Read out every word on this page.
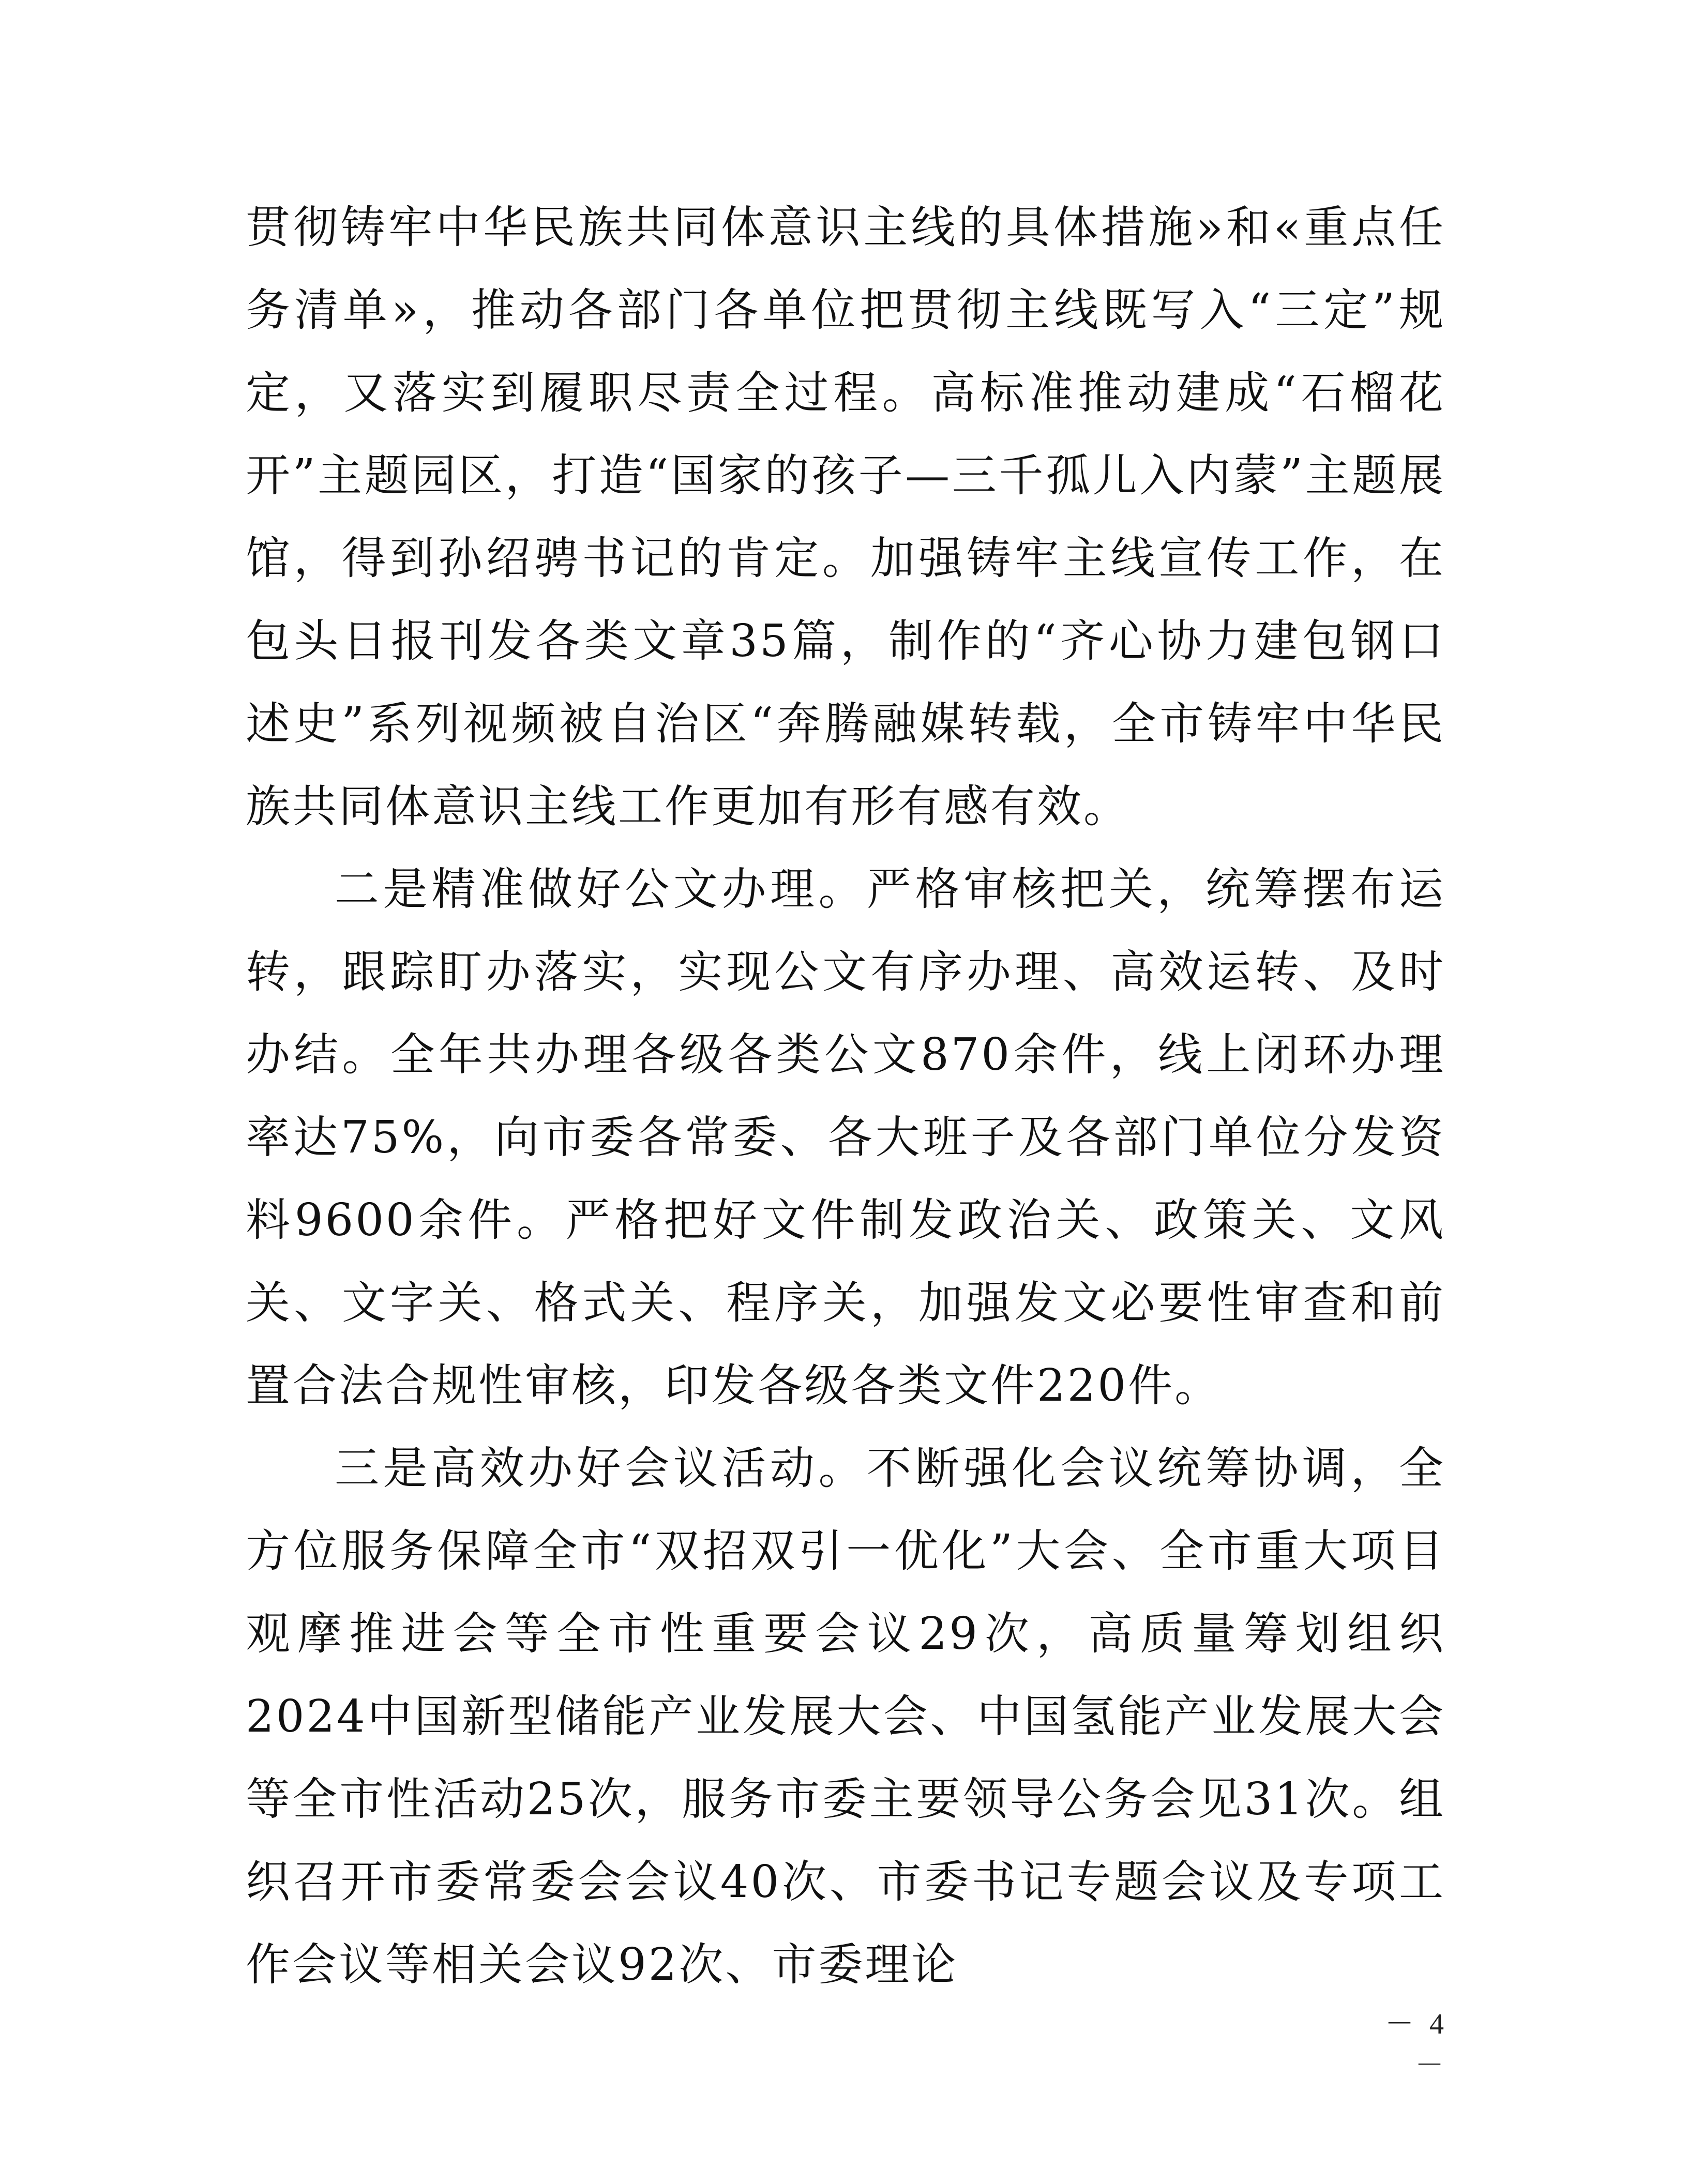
贯彻铸牢中华民族共同体意识主线的具体措施»和«重点任务清单»，推动各部门各单位把贯彻主线既写入“三定”规定，又落实到履职尽责全过程。高标准推动建成“石榴花开”主题园区，打造“国家的孩子—三千孤儿入内蒙”主题展馆，得到孙绍骋书记的肯定。加强铸牢主线宣传工作，在包头日报刊发各类文章35篇，制作的“齐心协力建包钢口述史”系列视频被自治区“奔腾融媒转载，全市铸牢中华民族共同体意识主线工作更加有形有感有效。

二是精准做好公文办理。严格审核把关，统筹摆布运转，跟踪盯办落实，实现公文有序办理、高效运转、及时办结。全年共办理各级各类公文870余件，线上闭环办理率达75%，向市委各常委、各大班子及各部门单位分发资料9600余件。严格把好文件制发政治关、政策关、文风关、文字关、格式关、程序关，加强发文必要性审查和前置合法合规性审核，印发各级各类文件220件。

三是高效办好会议活动。不断强化会议统筹协调，全方位服务保障全市“双招双引一优化”大会、全市重大项目观摩推进会等全市性重要会议29次，高质量筹划组织2024中国新型储能产业发展大会、中国氢能产业发展大会等全市性活动25次，服务市委主要领导公务会见31次。组织召开市委常委会会议40次、市委书记专题会议及专项工作会议等相关会议92次、市委理论

－ 4 －
